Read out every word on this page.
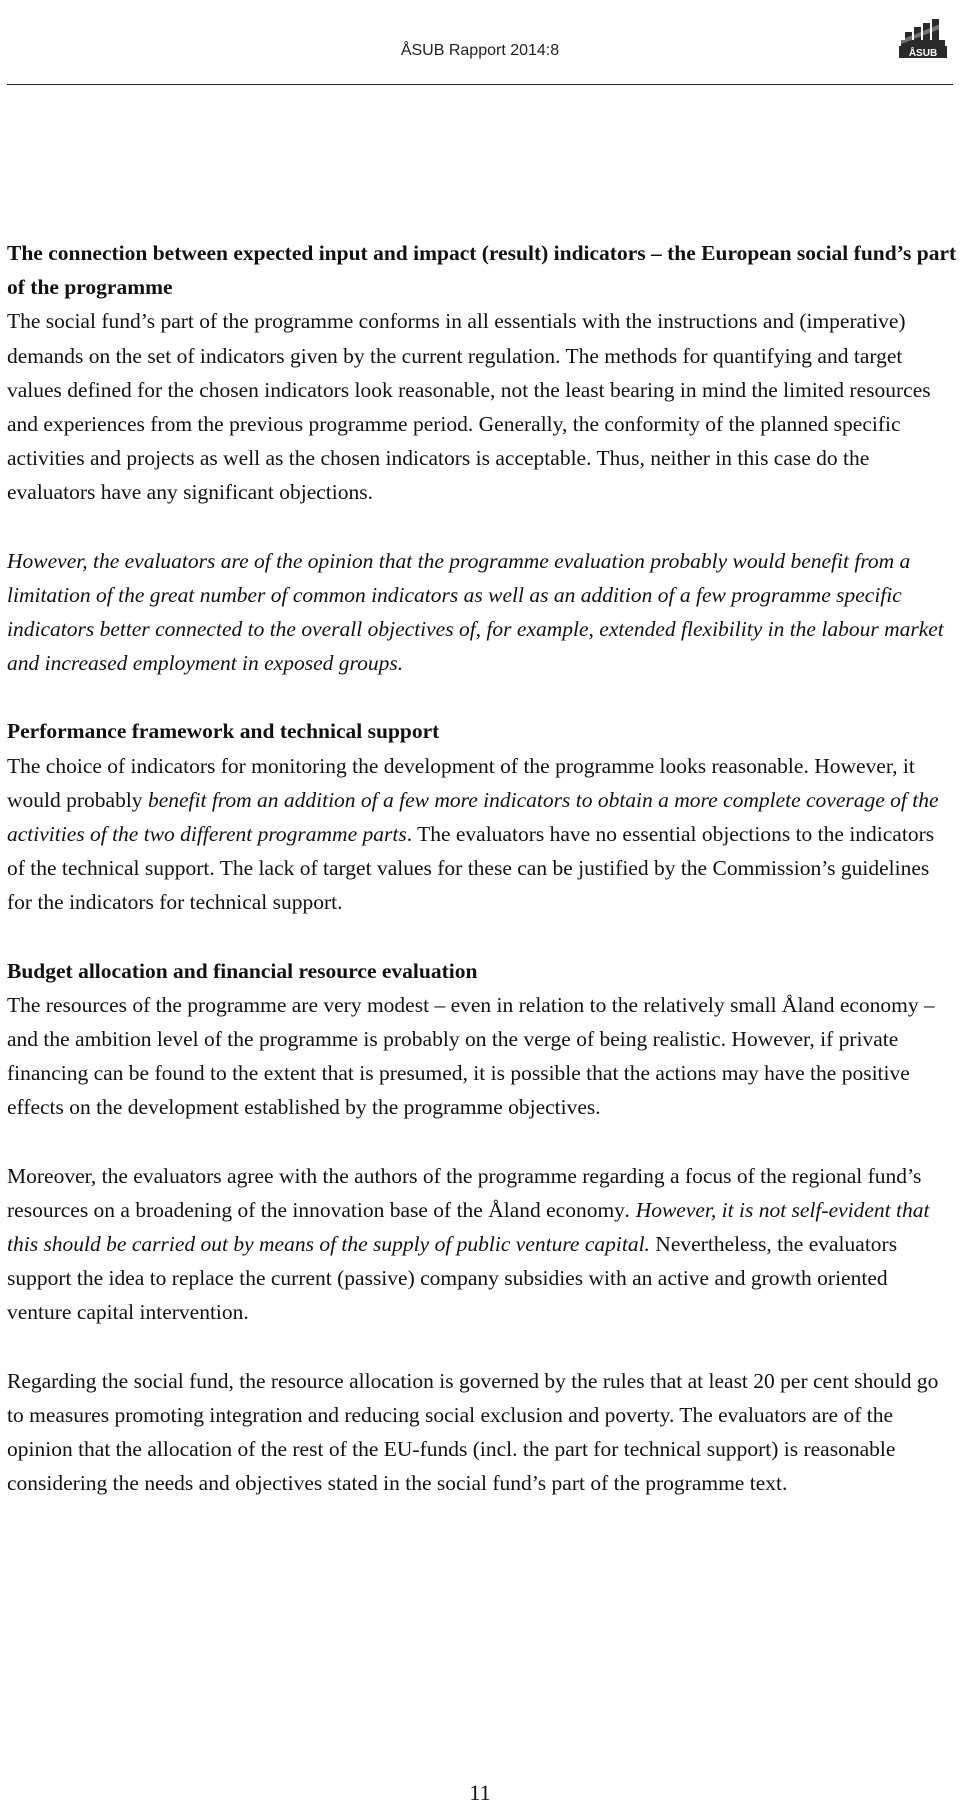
ÅSUB Rapport 2014:8	ÅSUB

The connection between expected input and impact (result) indicators – the European social fund’s part of the programme

The social fund’s part of the programme conforms in all essentials with the instructions and (imperative) demands on the set of indicators given by the current regulation. The methods for quantifying and target values defined for the chosen indicators look reasonable, not the least bearing in mind the limited resources and experiences from the previous programme period. Generally, the conformity of the planned specific activities and projects as well as the chosen indicators is acceptable. Thus, neither in this case do the evaluators have any significant objections.

However, the evaluators are of the opinion that the programme evaluation probably would benefit from a limitation of the great number of common indicators as well as an addition of a few programme specific indicators better connected to the overall objectives of, for example, extended flexibility in the labour market and increased employment in exposed groups.

Performance framework and technical support

The choice of indicators for monitoring the development of the programme looks reasonable. However, it would probably benefit from an addition of a few more indicators to obtain a more complete coverage of the activities of the two different programme parts. The evaluators have no essential objections to the indicators of the technical support. The lack of target values for these can be justified by the Commission’s guidelines for the indicators for technical support.

Budget allocation and financial resource evaluation

The resources of the programme are very modest – even in relation to the relatively small Åland economy – and the ambition level of the programme is probably on the verge of being realistic. However, if private financing can be found to the extent that is presumed, it is possible that the actions may have the positive effects on the development established by the programme objectives.

Moreover, the evaluators agree with the authors of the programme regarding a focus of the regional fund’s resources on a broadening of the innovation base of the Åland economy. However, it is not self-evident that this should be carried out by means of the supply of public venture capital. Nevertheless, the evaluators support the idea to replace the current (passive) company subsidies with an active and growth oriented venture capital intervention.

Regarding the social fund, the resource allocation is governed by the rules that at least 20 per cent should go to measures promoting integration and reducing social exclusion and poverty. The evaluators are of the opinion that the allocation of the rest of the EU-funds (incl. the part for technical support) is reasonable considering the needs and objectives stated in the social fund’s part of the programme text.

11
